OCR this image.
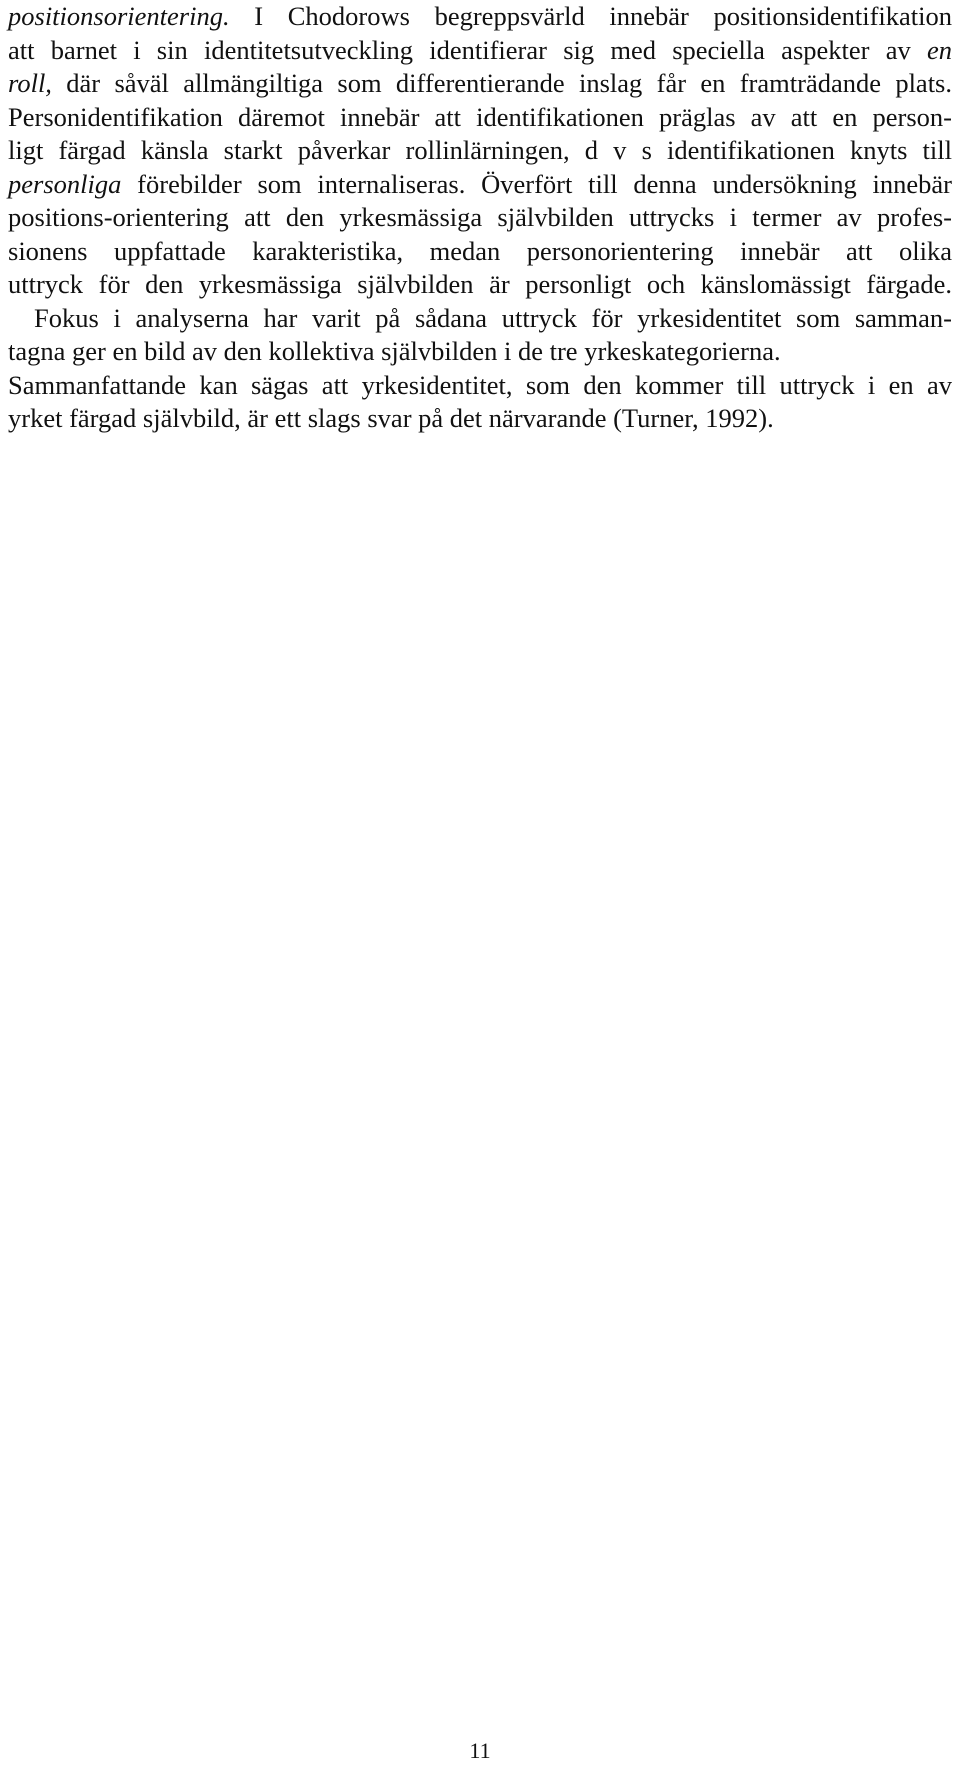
positionsorientering. I Chodorows begreppsvärld innebär positionsidentifikation
att barnet i sin identitetsutveckling identifierar sig med speciella aspekter av en
roll, där såväl allmängiltiga som differentierande inslag får en framträdande plats.
Personidentifikation däremot innebär att identifikationen präglas av att en person-
ligt färgad känsla starkt påverkar rollinlärningen, d v s identifikationen knyts till
personliga förebilder som internaliseras. Överfört till denna undersökning innebär
positions-orientering att den yrkesmässiga självbilden uttrycks i termer av profes-
sionens uppfattade karakteristika, medan personorientering innebär att olika
uttryck för den yrkesmässiga självbilden är personligt och känslomässigt färgade.
Fokus i analyserna har varit på sådana uttryck för yrkesidentitet som samman-
tagna ger en bild av den kollektiva självbilden i de tre yrkeskategorierna.
Sammanfattande kan sägas att yrkesidentitet, som den kommer till uttryck i en av
yrket färgad självbild, är ett slags svar på det närvarande (Turner, 1992).
11
